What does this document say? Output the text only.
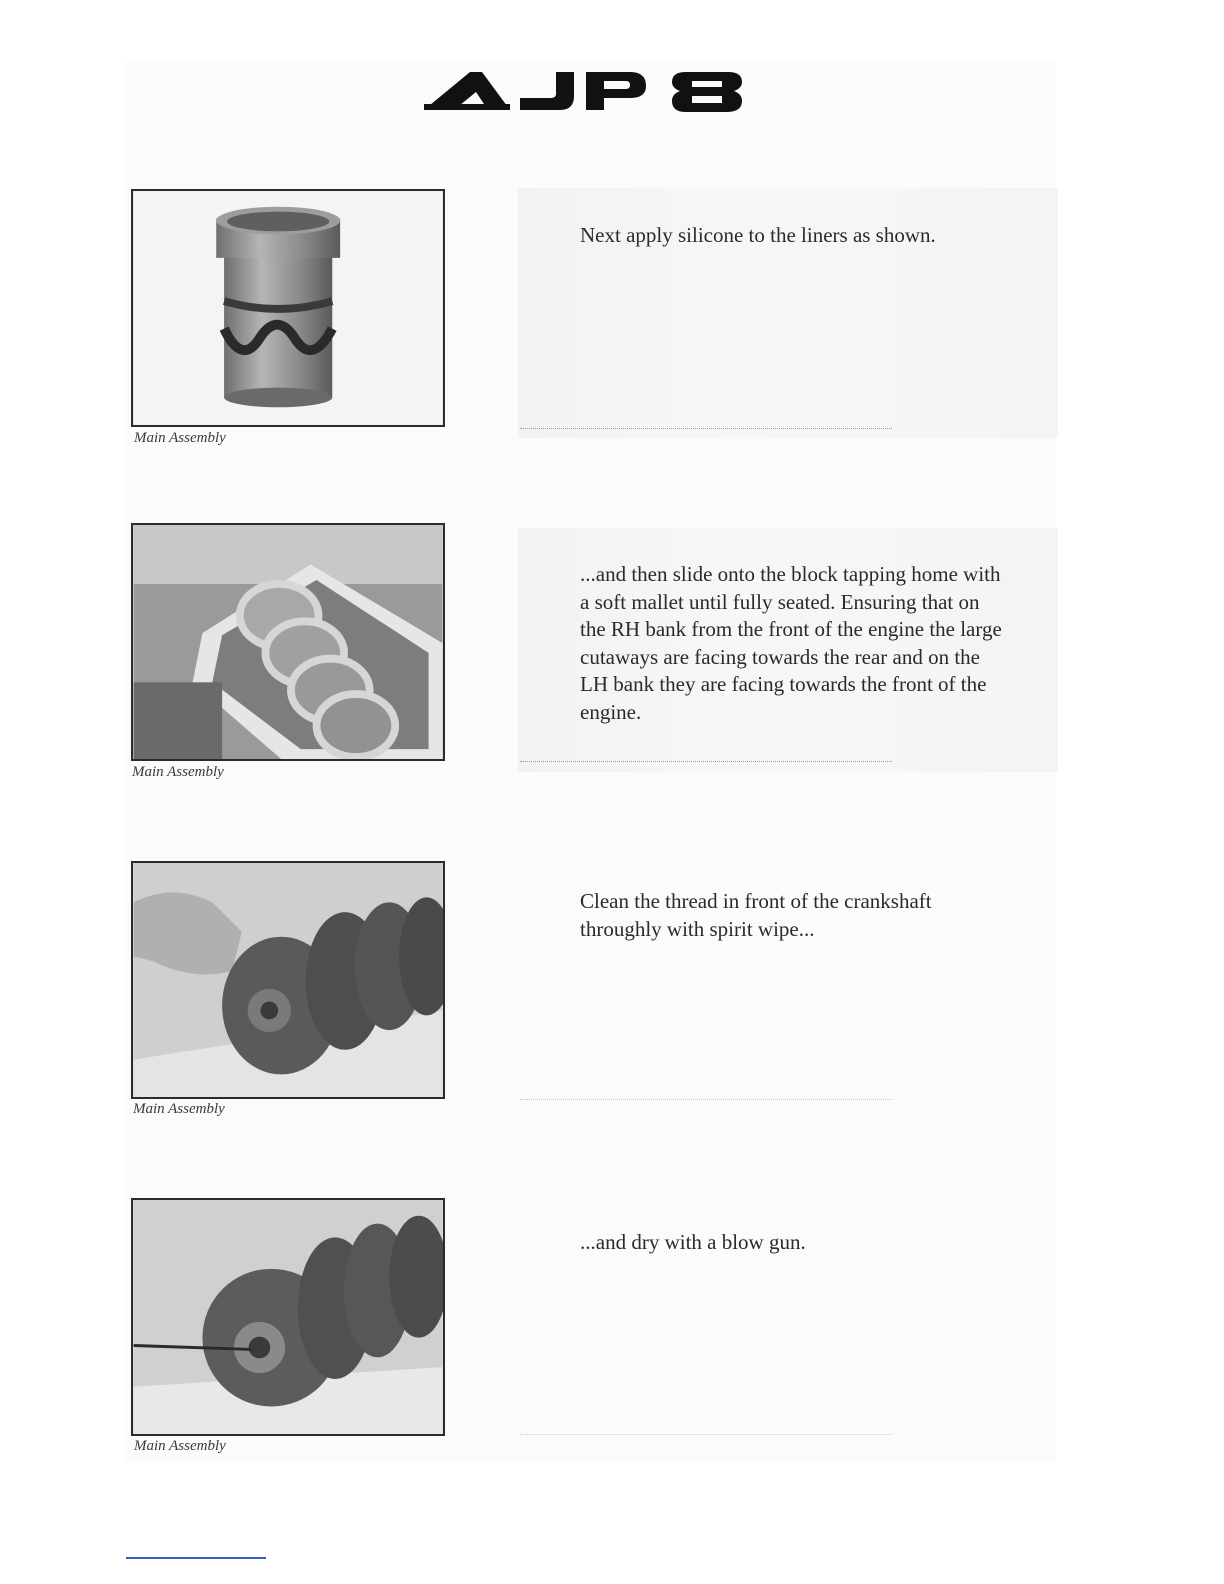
Main Assembly

Next apply silicone to the liners as shown.

Main Assembly

...and then slide onto the block tapping home with a soft mallet until fully seated. Ensuring that on the RH bank from the front of the engine the large cutaways are facing towards the rear and on the LH bank they are facing towards the front of the engine.

Main Assembly

Clean the thread in front of the crankshaft throughly with spirit wipe...

Main Assembly

...and dry with a blow gun.
